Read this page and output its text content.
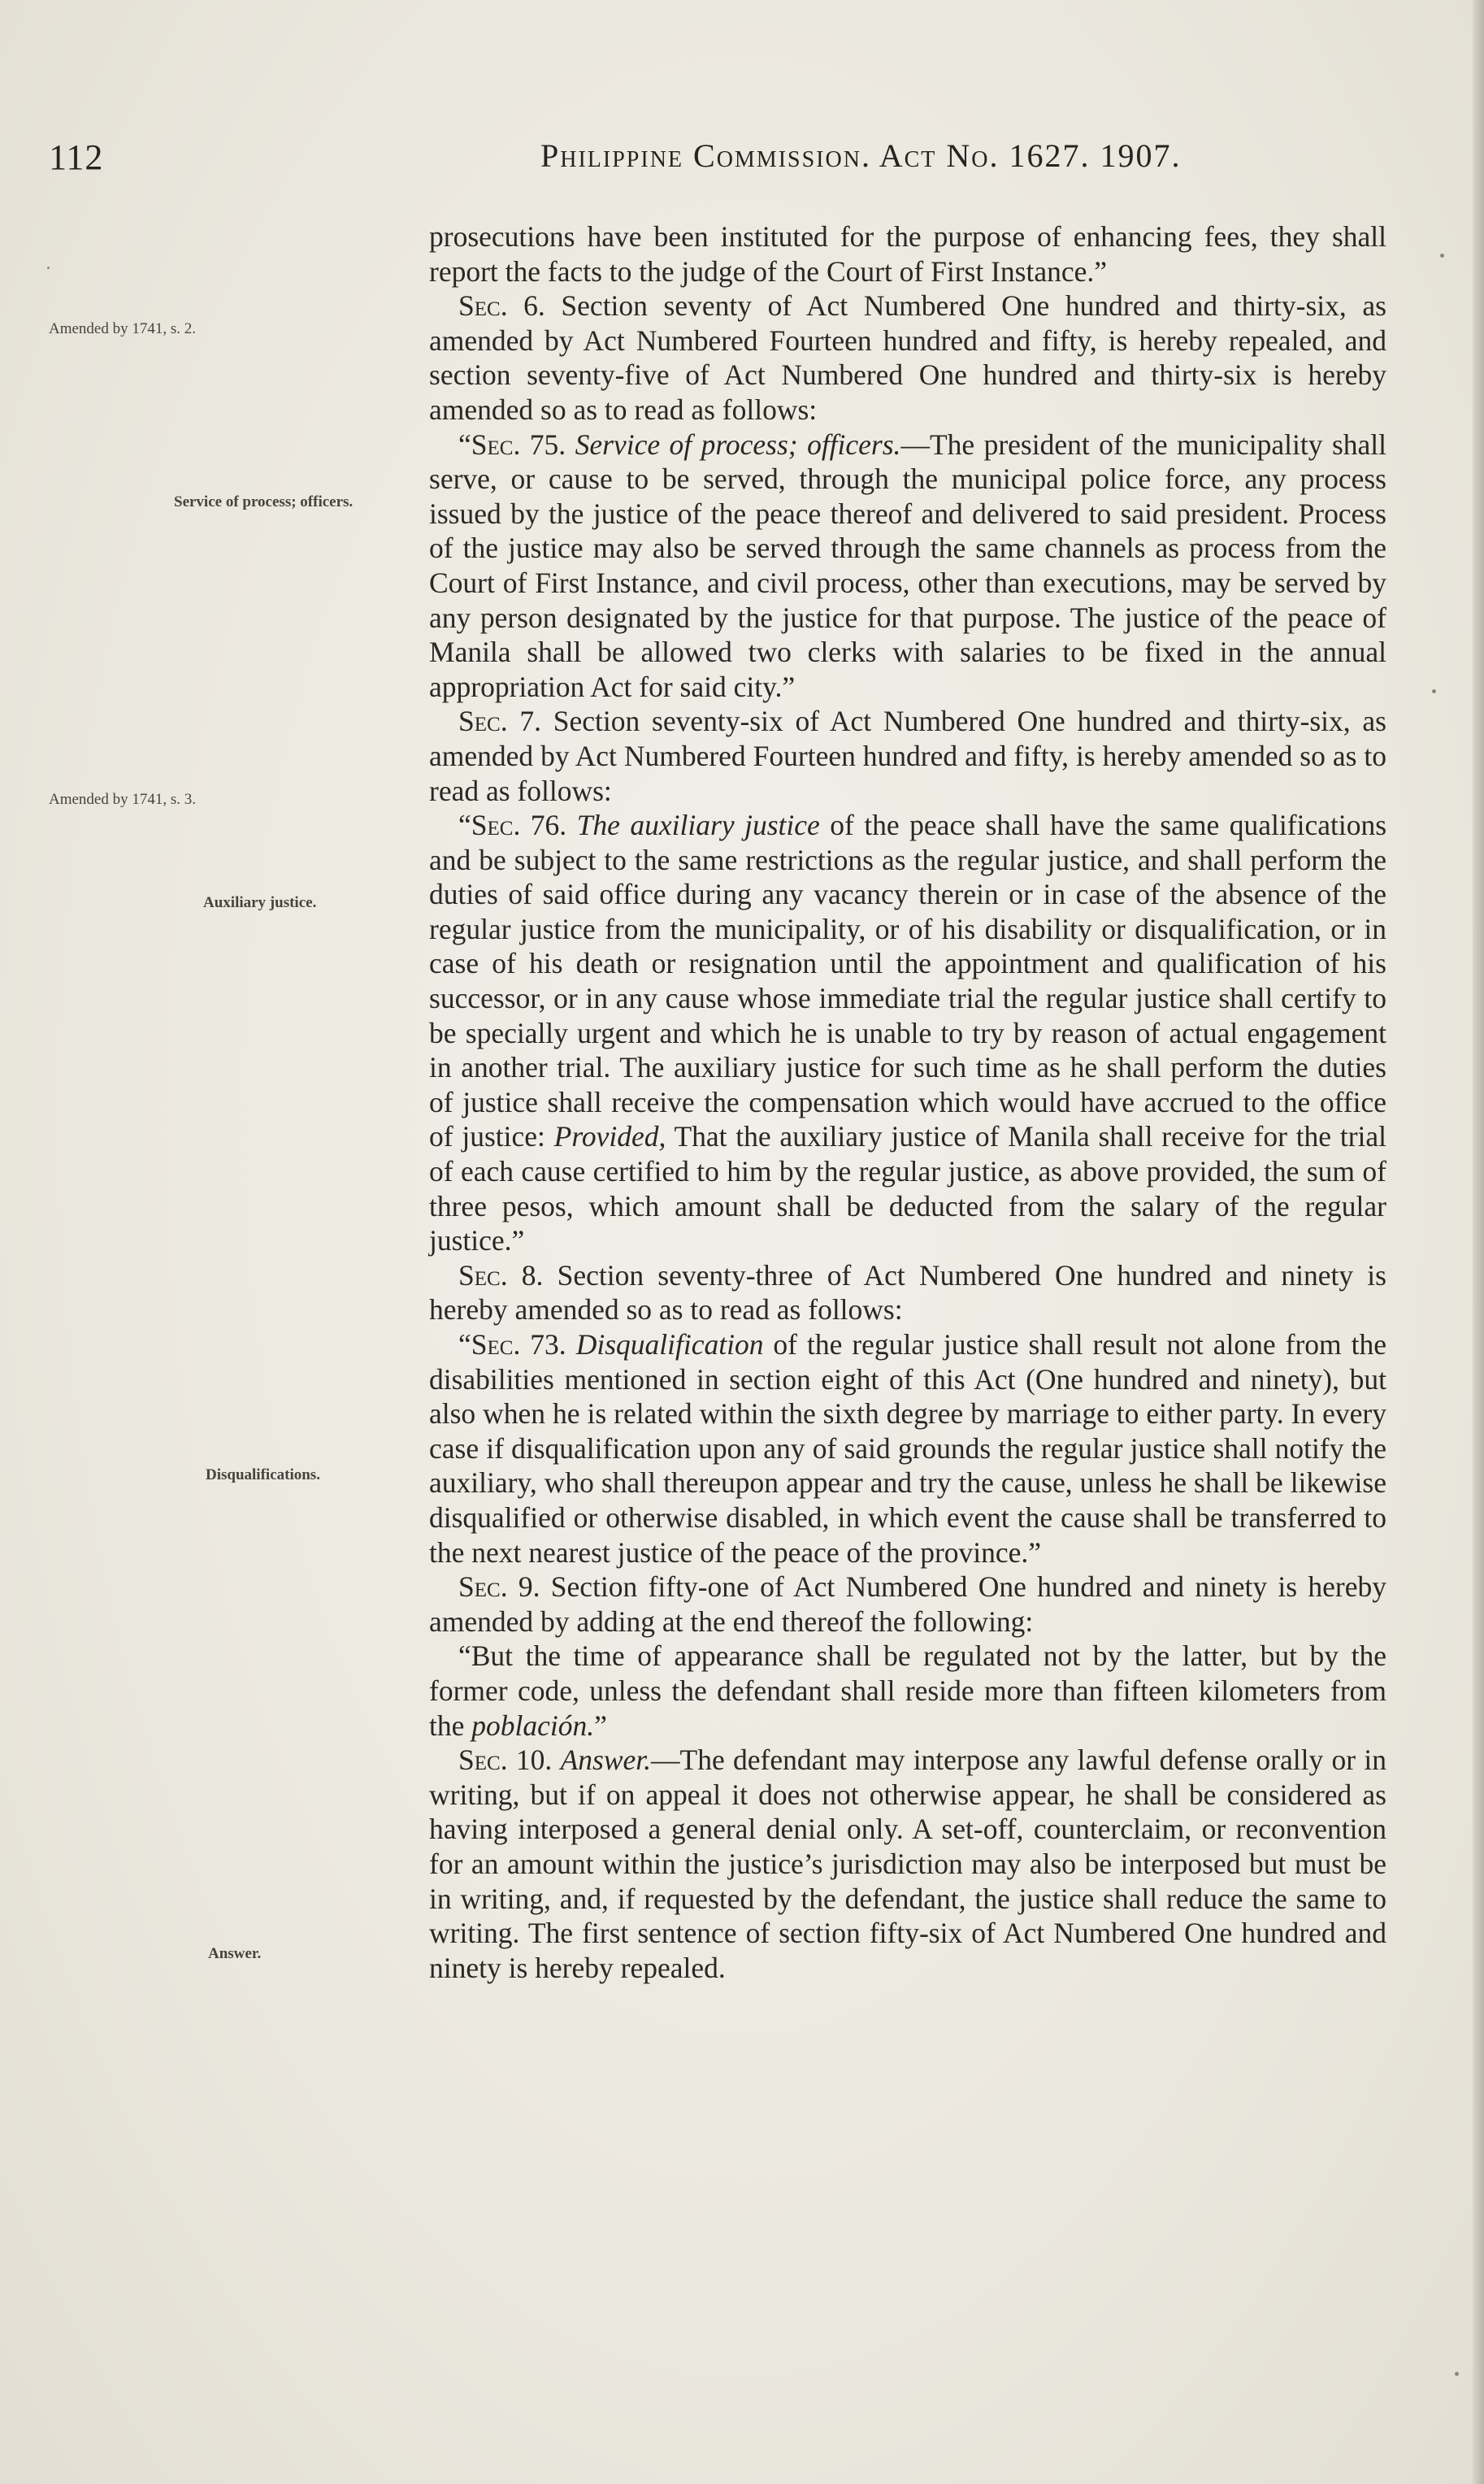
112	Philippine Commission. Act No. 1627. 1907.
Amended by 1741, s. 2.
Service of process; officers.
Amended by 1741, s. 3.
Auxiliary justice.
Disqualifications.
Answer.

prosecutions have been instituted for the purpose of enhancing fees, they shall report the facts to the judge of the Court of First Instance.”

Sec. 6. Section seventy of Act Numbered One hundred and thirty-six, as amended by Act Numbered Fourteen hundred and fifty, is hereby repealed, and section seventy-five of Act Numbered One hundred and thirty-six is hereby amended so as to read as follows:

“Sec. 75. Service of process; officers.—The president of the municipality shall serve, or cause to be served, through the municipal police force, any process issued by the justice of the peace thereof and delivered to said president. Process of the justice may also be served through the same channels as process from the Court of First Instance, and civil process, other than executions, may be served by any person designated by the justice for that purpose. The justice of the peace of Manila shall be allowed two clerks with salaries to be fixed in the annual appropriation Act for said city.”

Sec. 7. Section seventy-six of Act Numbered One hundred and thirty-six, as amended by Act Numbered Fourteen hundred and fifty, is hereby amended so as to read as follows:

“Sec. 76. The auxiliary justice of the peace shall have the same qualifications and be subject to the same restrictions as the regular justice, and shall perform the duties of said office during any vacancy therein or in case of the absence of the regular justice from the municipality, or of his disability or disqualification, or in case of his death or resignation until the appointment and qualification of his successor, or in any cause whose immediate trial the regular justice shall certify to be specially urgent and which he is unable to try by reason of actual engagement in another trial. The auxiliary justice for such time as he shall perform the duties of justice shall receive the compensation which would have accrued to the office of justice: Provided, That the auxiliary justice of Manila shall receive for the trial of each cause certified to him by the regular justice, as above provided, the sum of three pesos, which amount shall be deducted from the salary of the regular justice.”

Sec. 8. Section seventy-three of Act Numbered One hundred and ninety is hereby amended so as to read as follows:

“Sec. 73. Disqualification of the regular justice shall result not alone from the disabilities mentioned in section eight of this Act (One hundred and ninety), but also when he is related within the sixth degree by marriage to either party. In every case if disqualification upon any of said grounds the regular justice shall notify the auxiliary, who shall thereupon appear and try the cause, unless he shall be likewise disqualified or otherwise disabled, in which event the cause shall be transferred to the next nearest justice of the peace of the province.”

Sec. 9. Section fifty-one of Act Numbered One hundred and ninety is hereby amended by adding at the end thereof the following:

“But the time of appearance shall be regulated not by the latter, but by the former code, unless the defendant shall reside more than fifteen kilometers from the población.”

Sec. 10. Answer.—The defendant may interpose any lawful defense orally or in writing, but if on appeal it does not otherwise appear, he shall be considered as having interposed a general denial only. A set-off, counterclaim, or reconvention for an amount within the justice’s jurisdiction may also be interposed but must be in writing, and, if requested by the defendant, the justice shall reduce the same to writing. The first sentence of section fifty-six of Act Numbered One hundred and ninety is hereby repealed.
